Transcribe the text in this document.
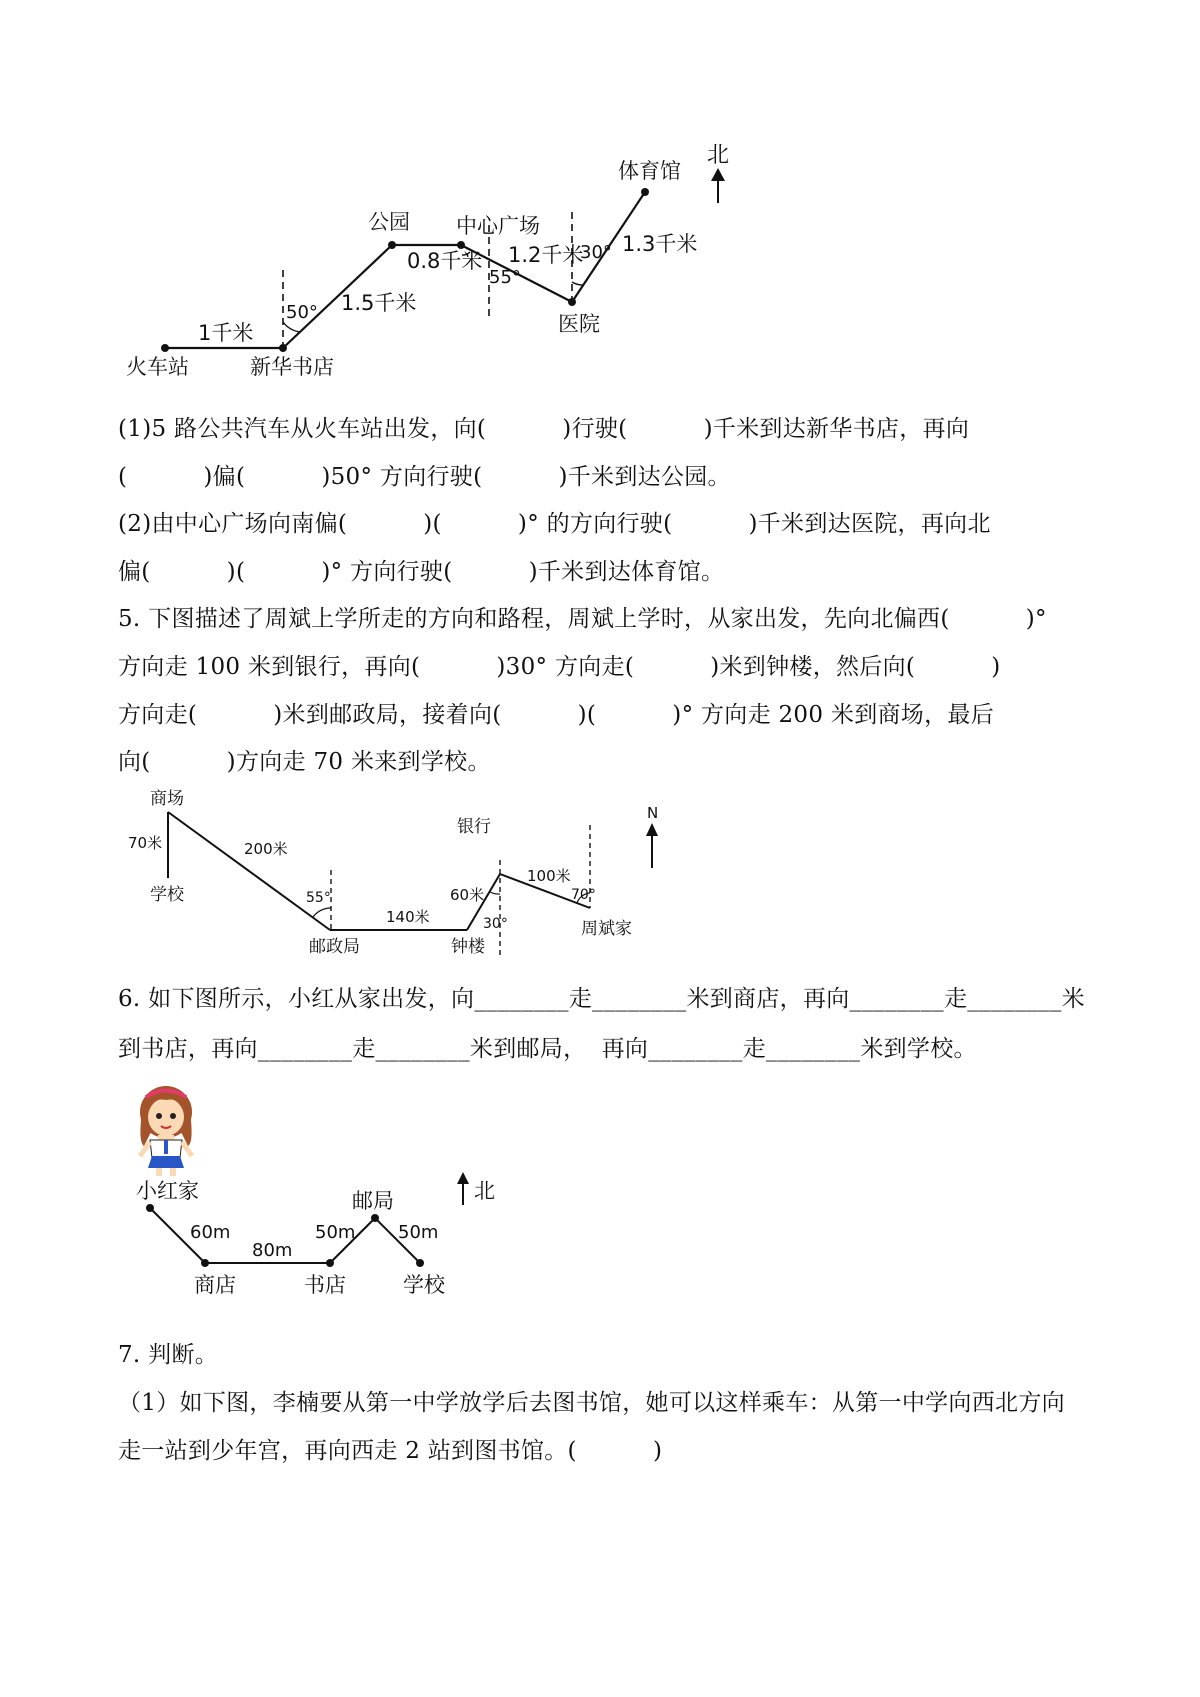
北
火车站	新华书店
公园 中心广场
医院
体育馆
1千米
1.5千米
0.8千米 1.2千米 1.3千米
50°
55°
30°
(1)5 路公共汽车从火车站出发，向(          )行驶(          )千米到达新华书店，再向
(          )偏(          )50° 方向行驶(          )千米到达公园。
(2)由中心广场向南偏(          )(          )° 的方向行驶(          )千米到达医院，再向北
偏(          )(          )° 方向行驶(          )千米到达体育馆。
5. 下图描述了周斌上学所走的方向和路程，周斌上学时，从家出发，先向北偏西(          )°
方向走 100 米到银行，再向(          )30° 方向走(          )米到钟楼，然后向(          )
方向走(          )米到邮政局，接着向(          )(          )° 方向走 200 米到商场，最后
向(          )方向走 70 米来到学校。
N
商场
学校
邮政局	钟楼
银行
周斌家
70米	200米
140米
60米
100米
55°
30°
70°
6. 如下图所示，小红从家出发，向________走________米到商店，再向________走________米
到书店，再向________走________米到邮局，  再向________走________米到学校。
北
小红家
商店	书店
邮局
学校
60m
80m
50m 50m
7. 判断。
（1）如下图，李楠要从第一中学放学后去图书馆，她可以这样乘车：从第一中学向西北方向
走一站到少年宫，再向西走 2 站到图书馆。(          )
